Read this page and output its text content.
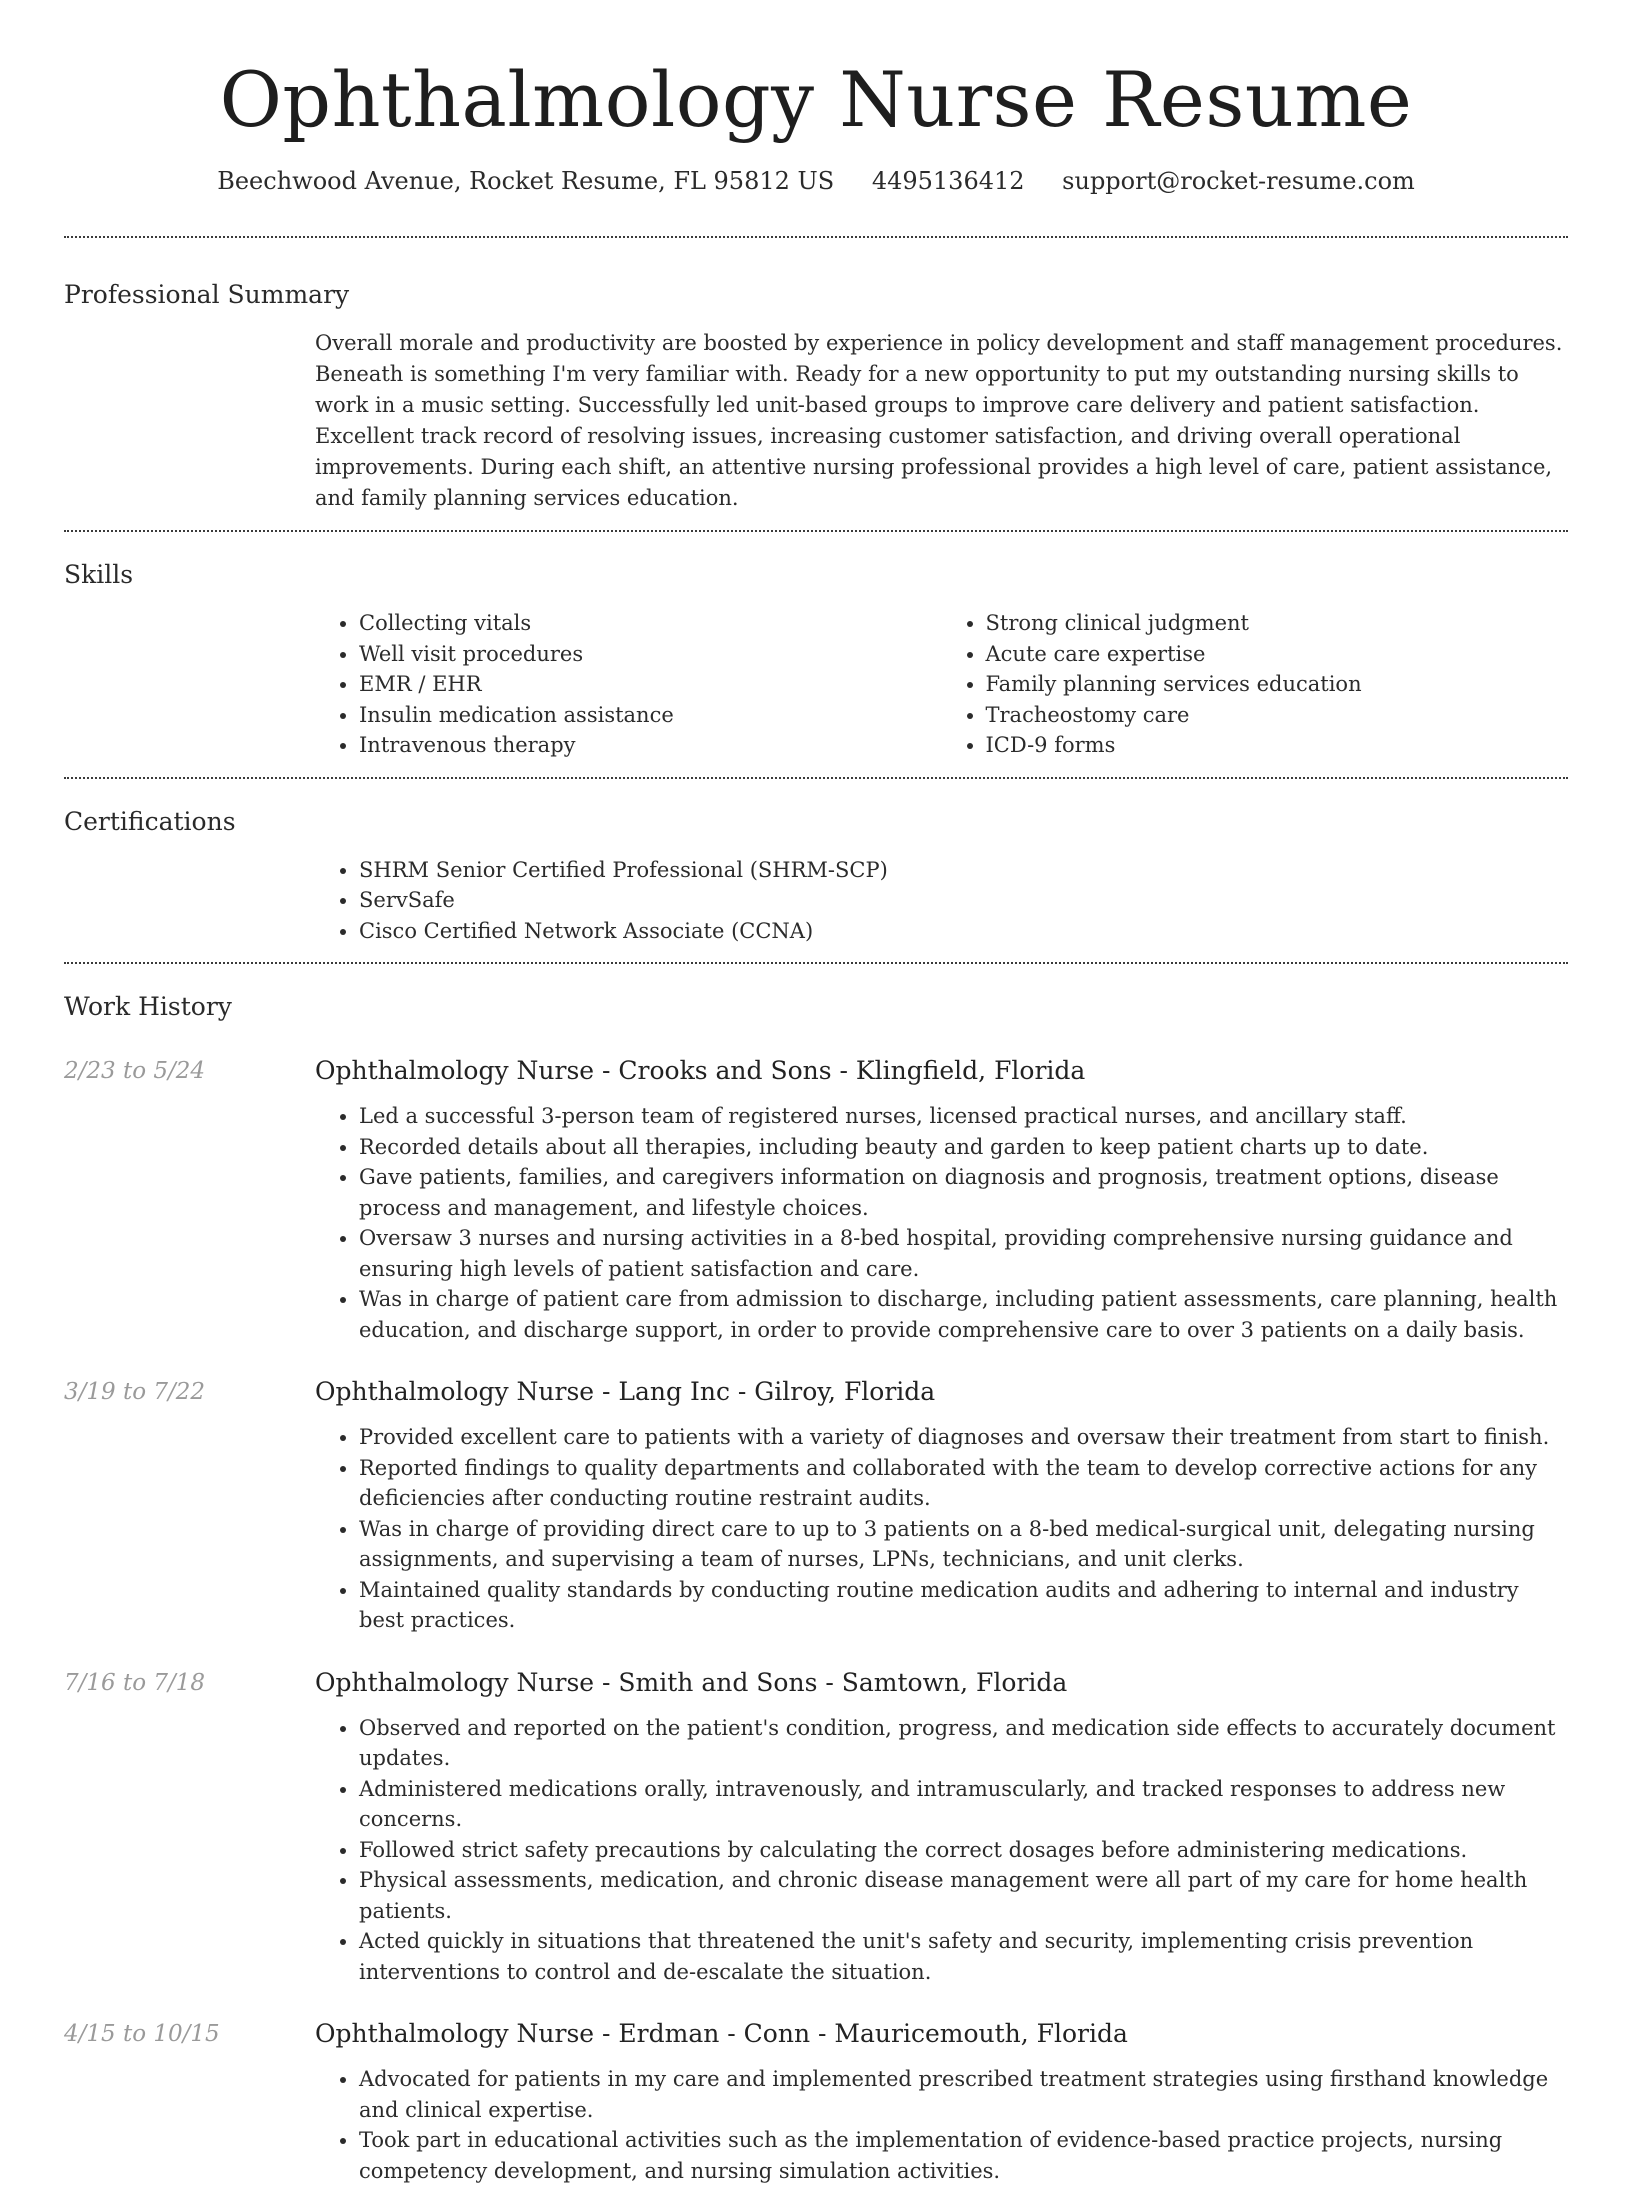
Ophthalmology Nurse Resume
Beechwood Avenue, Rocket Resume, FL 95812 US 4495136412 support@rocket-resume.com
Professional Summary
Overall morale and productivity are boosted by experience in policy development and staff management procedures. Beneath is something I'm very familiar with. Ready for a new opportunity to put my outstanding nursing skills to work in a music setting. Successfully led unit-based groups to improve care delivery and patient satisfaction. Excellent track record of resolving issues, increasing customer satisfaction, and driving overall operational improvements. During each shift, an attentive nursing professional provides a high level of care, patient assistance, and family planning services education.
Skills
• Collecting vitals
• Well visit procedures
• EMR / EHR
• Insulin medication assistance
• Intravenous therapy
• Strong clinical judgment
• Acute care expertise
• Family planning services education
• Tracheostomy care
• ICD-9 forms
Certifications
• SHRM Senior Certified Professional (SHRM-SCP)
• ServSafe
• Cisco Certified Network Associate (CCNA)
Work History
2/23 to 5/24	Ophthalmology Nurse - Crooks and Sons - Klingfield, Florida
• Led a successful 3-person team of registered nurses, licensed practical nurses, and ancillary staff.
• Recorded details about all therapies, including beauty and garden to keep patient charts up to date.
• Gave patients, families, and caregivers information on diagnosis and prognosis, treatment options, disease process and management, and lifestyle choices.
• Oversaw 3 nurses and nursing activities in a 8-bed hospital, providing comprehensive nursing guidance and ensuring high levels of patient satisfaction and care.
• Was in charge of patient care from admission to discharge, including patient assessments, care planning, health education, and discharge support, in order to provide comprehensive care to over 3 patients on a daily basis.
3/19 to 7/22	Ophthalmology Nurse - Lang Inc - Gilroy, Florida
• Provided excellent care to patients with a variety of diagnoses and oversaw their treatment from start to finish.
• Reported findings to quality departments and collaborated with the team to develop corrective actions for any deficiencies after conducting routine restraint audits.
• Was in charge of providing direct care to up to 3 patients on a 8-bed medical-surgical unit, delegating nursing assignments, and supervising a team of nurses, LPNs, technicians, and unit clerks.
• Maintained quality standards by conducting routine medication audits and adhering to internal and industry best practices.
7/16 to 7/18	Ophthalmology Nurse - Smith and Sons - Samtown, Florida
• Observed and reported on the patient's condition, progress, and medication side effects to accurately document updates.
• Administered medications orally, intravenously, and intramuscularly, and tracked responses to address new concerns.
• Followed strict safety precautions by calculating the correct dosages before administering medications.
• Physical assessments, medication, and chronic disease management were all part of my care for home health patients.
• Acted quickly in situations that threatened the unit's safety and security, implementing crisis prevention interventions to control and de-escalate the situation.
4/15 to 10/15	Ophthalmology Nurse - Erdman - Conn - Mauricemouth, Florida
• Advocated for patients in my care and implemented prescribed treatment strategies using firsthand knowledge and clinical expertise.
• Took part in educational activities such as the implementation of evidence-based practice projects, nursing competency development, and nursing simulation activities.
